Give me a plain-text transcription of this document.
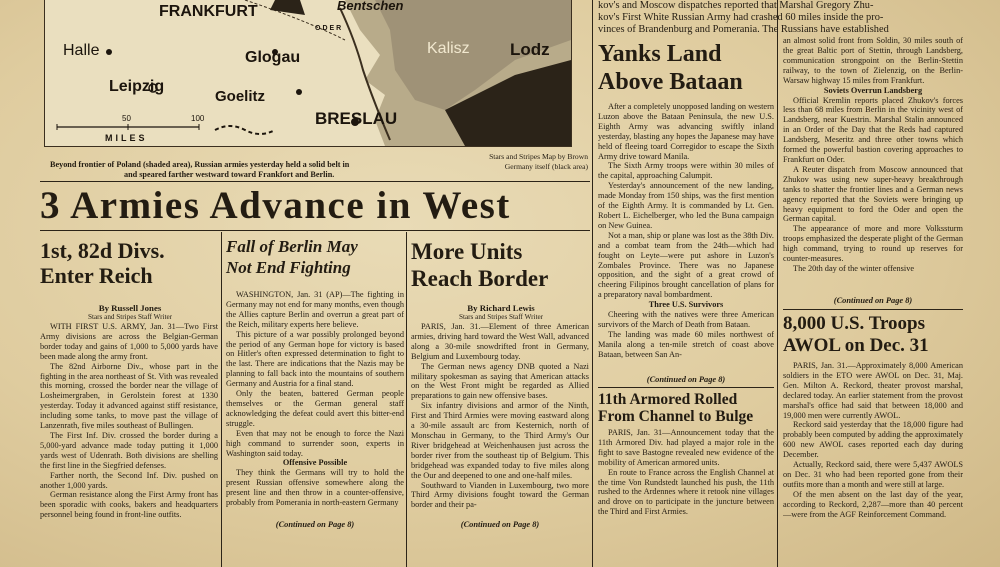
FRANKFURT	Bentschen
ODER
Halle	Glogau
Kalisz Lodz
Leipzig
Goelitz
BRESLAU
50	100
MILES
Beyond frontier of Poland (shaded area), Russian armies yesterday held a solid belt in
and speared farther westward toward Frankfort and Berlin.
Stars and Stripes Map by Brown
Germany itself (black area)
kov's and Moscow dispatches reported that Marshal Gregory Zhu-
kov's First White Russian Army had crashed 60 miles inside the pro-
vinces of Brandenburg and Pomerania. The Russians have established
3 Armies Advance in West
1st, 82d Divs.
Enter Reich
By Russell Jones
Stars and Stripes Staff Writer

WITH FIRST U.S. ARMY, Jan. 31—Two First Army divisions are across the Belgian-German border today and gains of 1,000 to 5,000 yards have been made along the army front.

The 82nd Airborne Div., whose part in the fighting in the area northeast of St. Vith was revealed this morning, crossed the border near the village of Losheimergraben, in Gerolstein forest at 1330 yesterday. Today it advanced against stiff resistance, including some tanks, to move past the village of Lanzenrath, five miles southeast of Bullingen.

The First Inf. Div. crossed the border during a 5,000-yard advance made today putting it 1,000 yards west of Udenrath. Both divisions are shelling the first line in the Siegfried defenses.

Farther north, the Second Inf. Div. pushed on another 1,000 yards.

German resistance along the First Army front has been sporadic with cooks, bakers and headquarters personnel being found in front-line outfits.

Fall of Berlin May
Not End Fighting

WASHINGTON, Jan. 31 (AP)—The fighting in Germany may not end for many months, even though the Allies capture Berlin and overrun a great part of the Reich, military experts here believe.

This picture of a war possibly prolonged beyond the period of any German hope for victory is based on Hitler's often expressed determination to fight to the last. There are indications that the Nazis may be planning to fall back into the mountains of southern Germany and Austria for a final stand.

Only the beaten, battered German people themselves or the German general staff acknowledging the defeat could avert this bitter-end struggle.

Even that may not be enough to force the Nazi high command to surrender soon, experts in Washington said today.

Offensive Possible

They think the Germans will try to hold the present Russian offensive somewhere along the present line and then throw in a counter-offensive, probably from Pomerania in north-eastern Germany

(Continued on Page 8)
More Units
Reach Border
By Richard Lewis
Stars and Stripes Staff Writer

PARIS, Jan. 31.—Element of three American armies, driving hard toward the West Wall, advanced along a 30-mile snowdrifted front in Germany, Belgium and Luxembourg today.

The German news agency DNB quoted a Nazi military spokesman as saying that American attacks on the West Front might be regarded as Allied preparations to gain new offensive bases.

Six infantry divisions and armor of the Ninth, First and Third Armies were moving eastward along a 30-mile assault arc from Kesternich, north of Monschau in Germany, to the Third Army's Our River bridgehead at Weichenhausen just across the border river from the southeast tip of Belgium. This bridgehead was expanded today to five miles along the Our and deepened to one and one-half miles.

Southward to Vianden in Luxembourg, two more Third Army divisions fought toward the German border and their pa-

(Continued on Page 8)
Yanks Land
Above Bataan

After a completely unopposed landing on western Luzon above the Bataan Peninsula, the new U.S. Eighth Army was advancing swiftly inland yesterday, blasting any hopes the Japanese may have held of fleeing toard Corregidor to escape the Sixth Army drive toward Manila.

The Sixth Army troops were within 30 miles of the capital, approaching Calumpit.

Yesterday's announcement of the new landing, made Monday from 150 ships, was the first mention of the Eighth Army. It is commanded by Lt. Gen. Robert L. Eichelberger, who led the Buna campaign on New Guinea.

Not a man, ship or plane was lost as the 38th Div. and a combat team from the 24th—which had fought on Leyte—were put ashore in Luzon's Zombales Province. There was no Japanese opposition, and the sight of a great crowd of cheering Filipinos brought cancellation of plans for a preparatory naval bombardment.

Three U.S. Survivors

Cheering with the natives were three American survivors of the March of Death from Bataan.

The landing was made 60 miles northwest of Manila along a ten-mile stretch of coast above Bataan, between San An-

(Continued on Page 8)
11th Armored Rolled
From Channel to Bulge

PARIS, Jan. 31—Announcement today that the 11th Armored Div. had played a major role in the fight to save Bastogne revealed new evidence of the mobility of American armored units.

En route to France across the English Channel at the time Von Rundstedt launched his push, the 11th rushed to the Ardennes where it retook nine villages and drove on to participate in the juncture between the Third and First Armies.

an almost solid front from Soldin, 30 miles south of the great Baltic port of Stettin, through Landsberg, communication strongpoint on the Berlin-Stettin railway, to the town of Zielenzig, on the Berlin-Warsaw highway 15 miles from Frankfurt.

Soviets Overrun Landsberg

Official Kremlin reports placed Zhukov's forces less than 68 miles from Berlin in the vicinity west of Landsberg, near Kuestrin. Marshal Stalin announced in an Order of the Day that the Reds had captured Landsberg, Meseritz and three other towns which formed the powerful bastion covering approaches to Frankfurt on Oder.

A Reuter dispatch from Moscow announced that Zhukov was using new super-heavy breakthrough tanks to shatter the frontier lines and a German news agency reported that the Soviets were bringing up heavy equipment to ford the Oder and open the German capital.

The appearance of more and more Volkssturm troops emphasized the desperate plight of the German high command, trying to round up reserves for counter-measures.

The 20th day of the winter offensive

(Continued on Page 8)
8,000 U.S. Troops
AWOL on Dec. 31

PARIS, Jan. 31.—Approximately 8,000 American soldiers in the ETO were AWOL on Dec. 31, Maj. Gen. Milton A. Reckord, theater provost marshal, declared today. An earlier statement from the provost marshal's office had said that between 18,000 and 19,000 men were currently AWOL.

Reckord said yesterday that the 18,000 figure had probably been computed by adding the approximately 600 new AWOL cases reported each day during December.

Actually, Reckord said, there were 5,437 AWOLS on Dec. 31 who had been reported gone from their outfits more than a month and were still at large.

Of the men absent on the last day of the year, according to Reckord, 2,287—more than 40 percent—were from the AGF Reinforcement Command.
